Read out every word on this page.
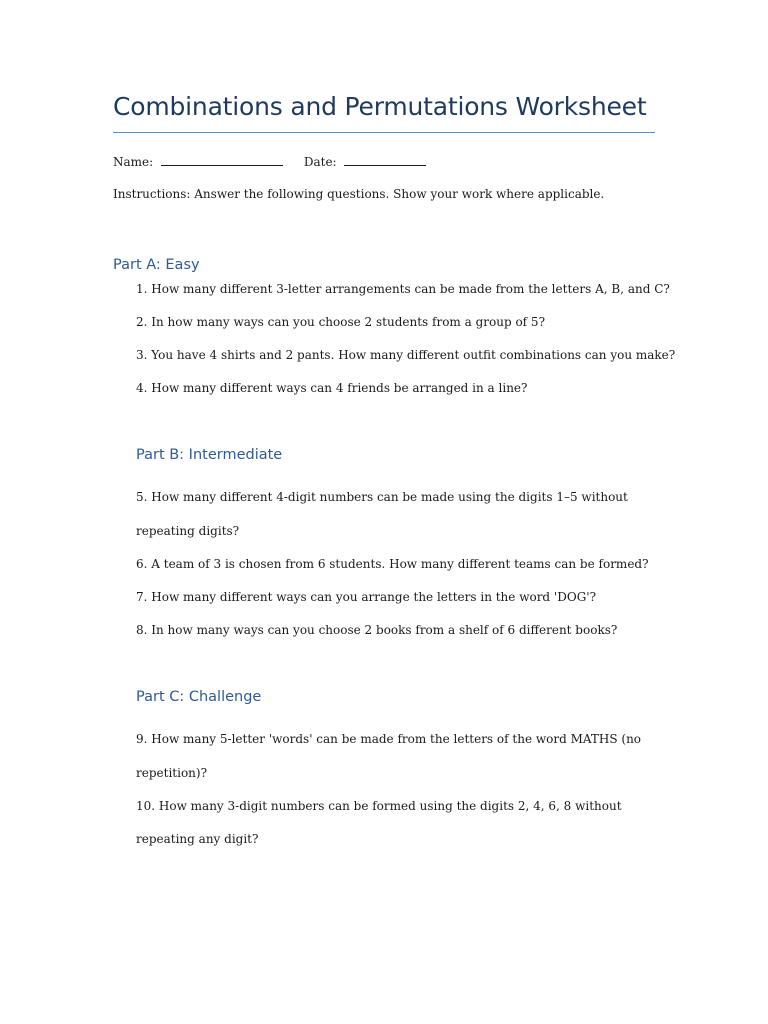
Combinations and Permutations Worksheet
Name:	Date:
Instructions: Answer the following questions. Show your work where applicable.
Part A: Easy
1. How many different 3-letter arrangements can be made from the letters A, B, and C?
2. In how many ways can you choose 2 students from a group of 5?
3. You have 4 shirts and 2 pants. How many different outfit combinations can you make?
4. How many different ways can 4 friends be arranged in a line?
Part B: Intermediate
5. How many different 4-digit numbers can be made using the digits 1–5 without
repeating digits?
6. A team of 3 is chosen from 6 students. How many different teams can be formed?
7. How many different ways can you arrange the letters in the word 'DOG'?
8. In how many ways can you choose 2 books from a shelf of 6 different books?
Part C: Challenge
9. How many 5-letter 'words' can be made from the letters of the word MATHS (no
repetition)?
10. How many 3-digit numbers can be formed using the digits 2, 4, 6, 8 without
repeating any digit?
